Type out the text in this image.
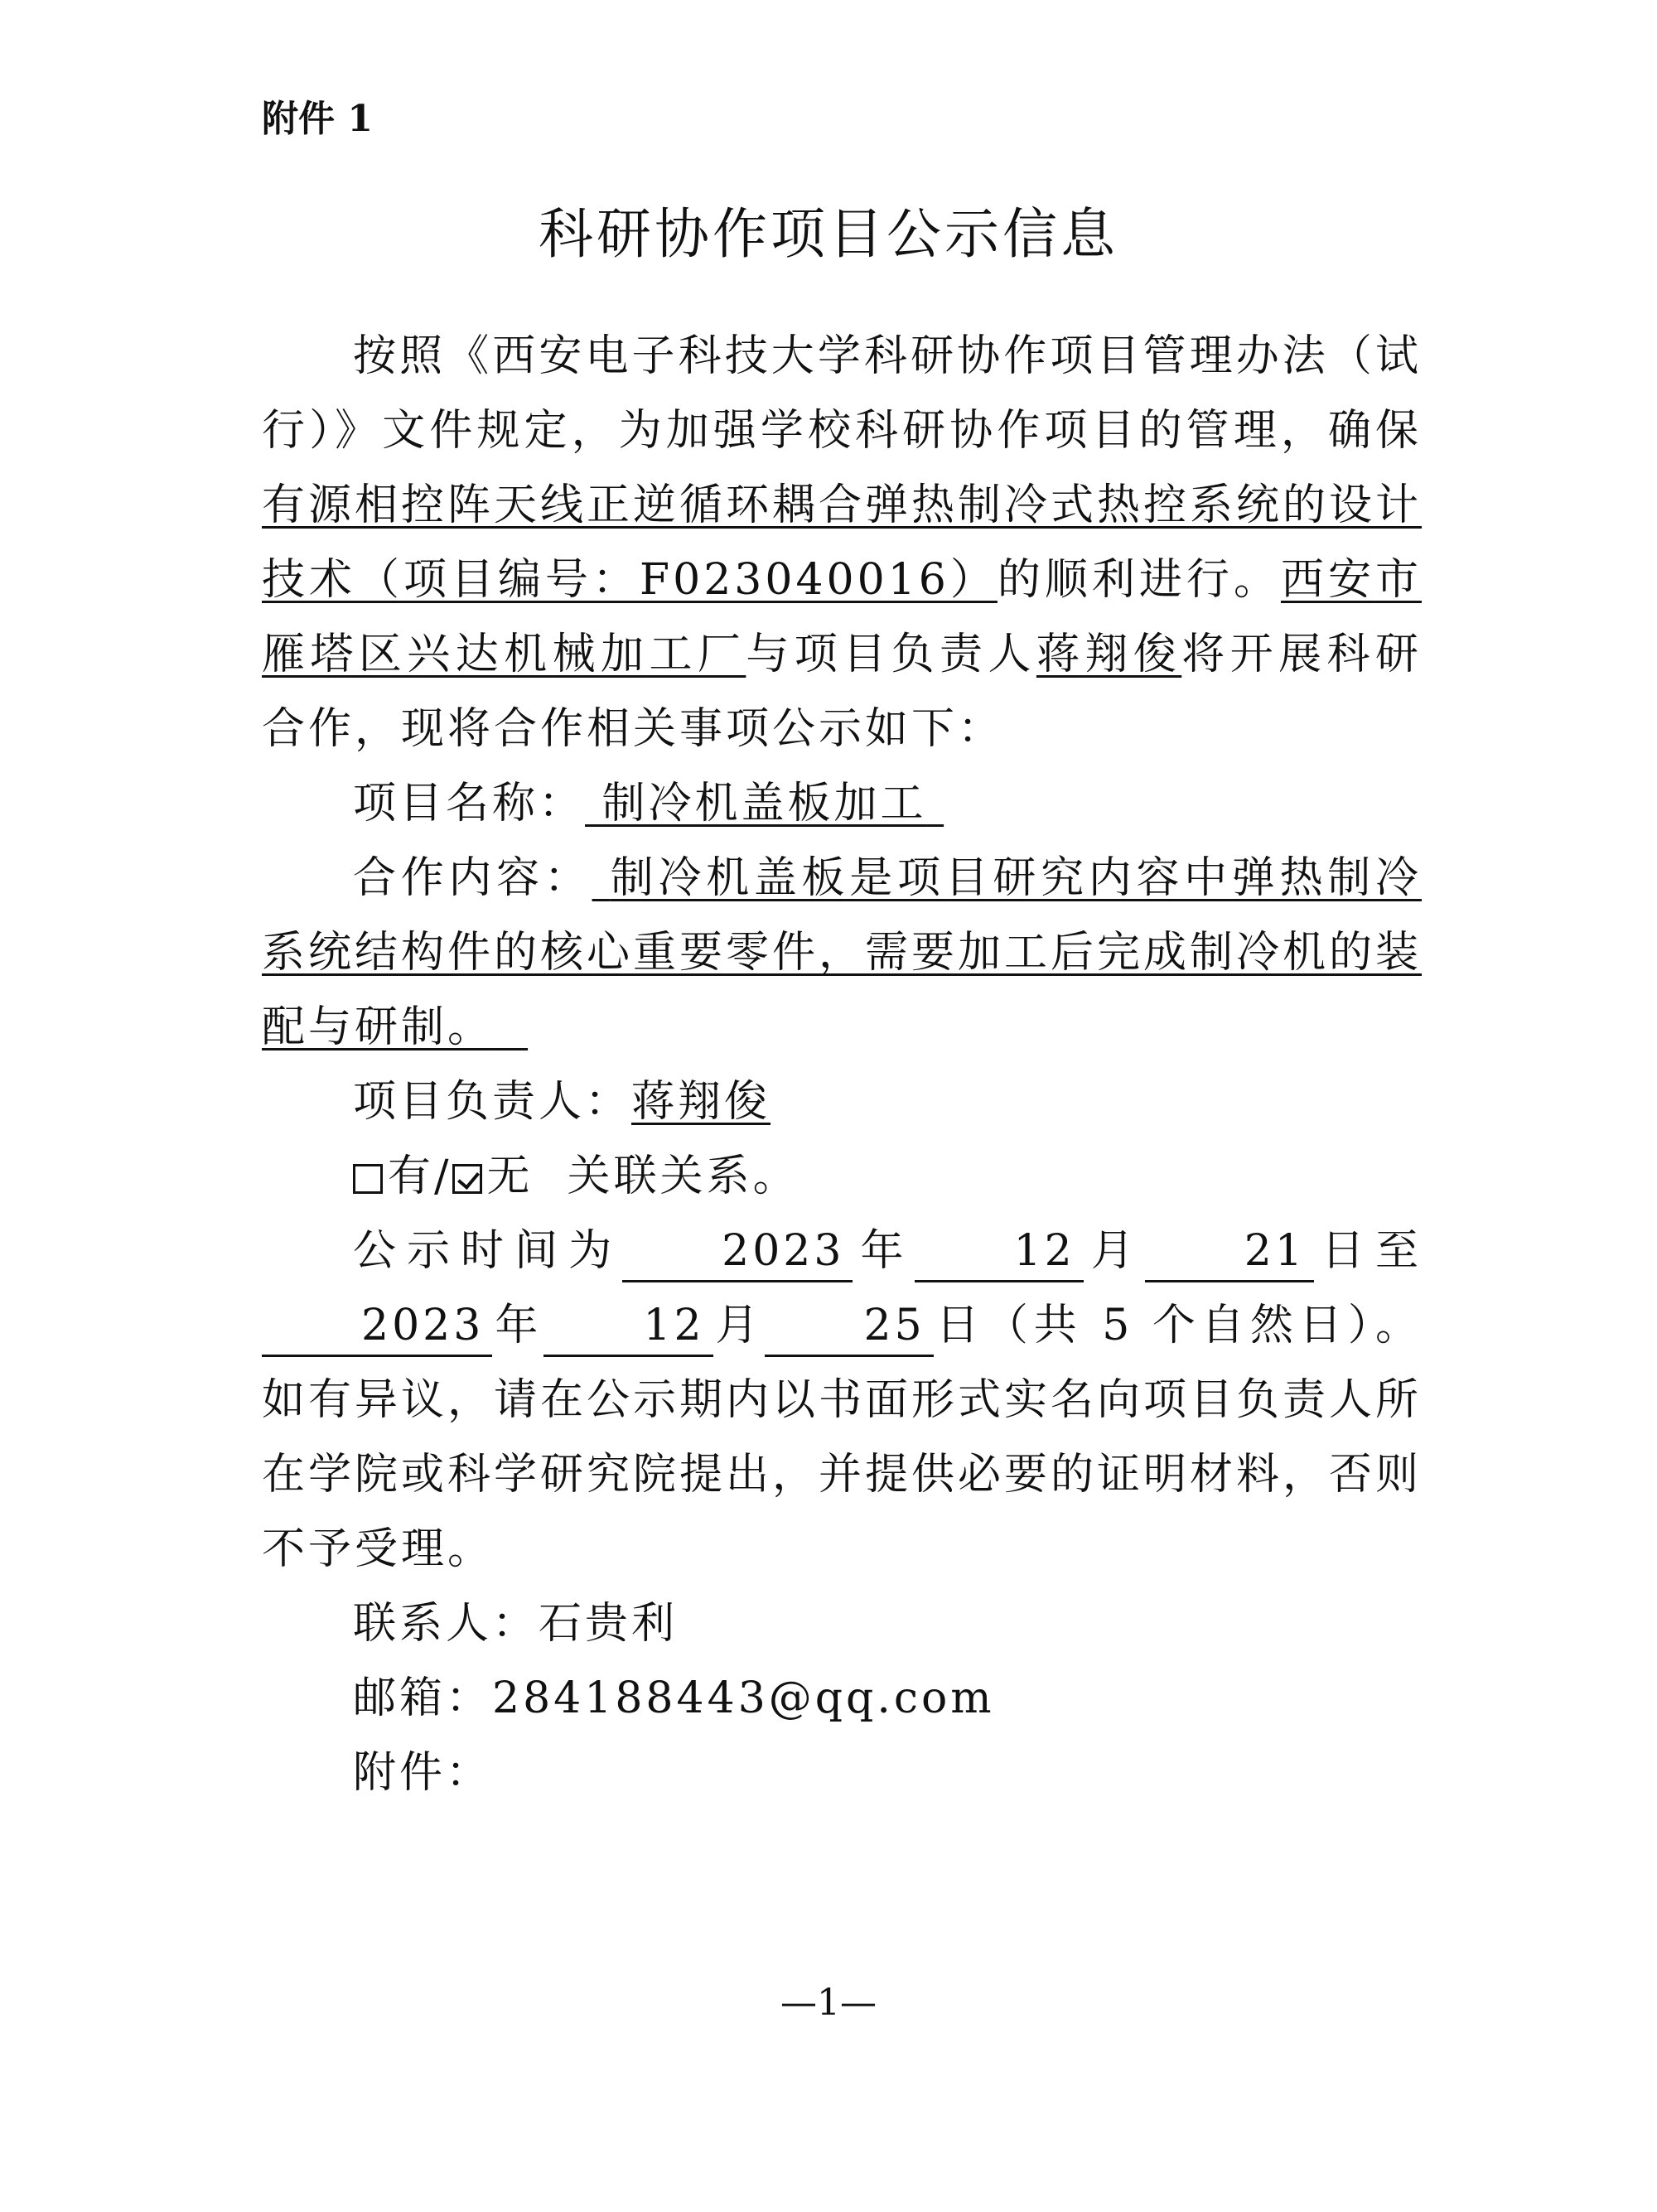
附件 1

科研协作项目公示信息

按照《西安电子科技大学科研协作项目管理办法（试行）》文件规定，为加强学校科研协作项目的管理，确保有源相控阵天线正逆循环耦合弹热制冷式热控系统的设计技术（项目编号：F023040016）的顺利进行。西安市雁塔区兴达机械加工厂与项目负责人蒋翔俊将开展科研合作，现将合作相关事项公示如下：

项目名称： 制冷机盖板加工

合作内容： 制冷机盖板是项目研究内容中弹热制冷系统结构件的核心重要零件，需要加工后完成制冷机的装配与研制。

项目负责人：蒋翔俊

有/ 无 关联关系。

公示时间为 2023 年 12 月 21 日至2023 年 12 月 25 日（共 5 个自然日）。如有异议，请在公示期内以书面形式实名向项目负责人所在学院或科学研究院提出，并提供必要的证明材料，否则不予受理。

联系人：石贵利

邮箱：284188443@qq.com

附件：

—1—
